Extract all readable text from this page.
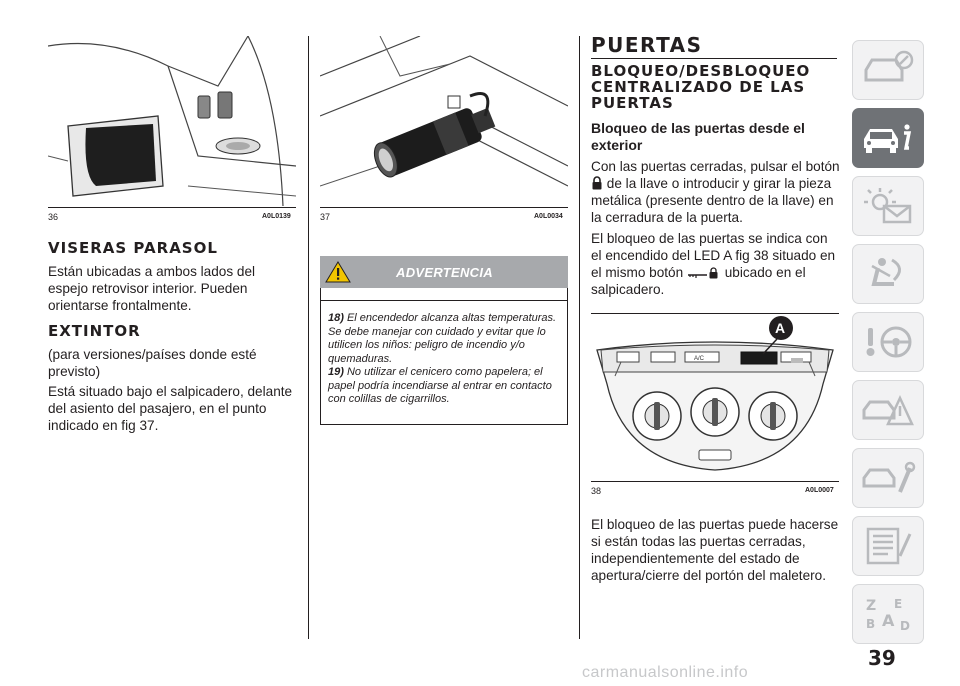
36	A0L0139
VISERAS PARASOL

Están ubicadas a ambos lados del espejo retrovisor interior. Pueden orientarse frontalmente.

EXTINTOR

(para versiones/países donde esté previsto)

Está situado bajo el salpicadero, delante del asiento del pasajero, en el punto indicado en fig 37.

37	A0L0034
ADVERTENCIA
18) El encendedor alcanza altas temperaturas. Se debe manejar con cuidado y evitar que lo utilicen los niños: peligro de incendio y/o quemaduras.
19) No utilizar el cenicero como papelera; el papel podría incendiarse al entrar en contacto con colillas de cigarrillos.
PUERTAS
BLOQUEO/DESBLOQUEO
CENTRALIZADO DE LAS
PUERTAS
Bloqueo de las puertas desde el exterior

Con las puertas cerradas, pulsar el botón  de la llave o introducir y girar la pieza metálica (presente dentro de la llave) en la cerradura de la puerta.

El bloqueo de las puertas se indica con el encendido del LED A fig 38 situado en el mismo botón	ubicado en el salpicadero.

A/C
A
38	A0L0007

El bloqueo de las puertas puede hacerse si están todas las puertas cerradas, independientemente del estado de apertura/cierre del portón del maletero.

Z E
B A D
39
carmanualsonline.info
